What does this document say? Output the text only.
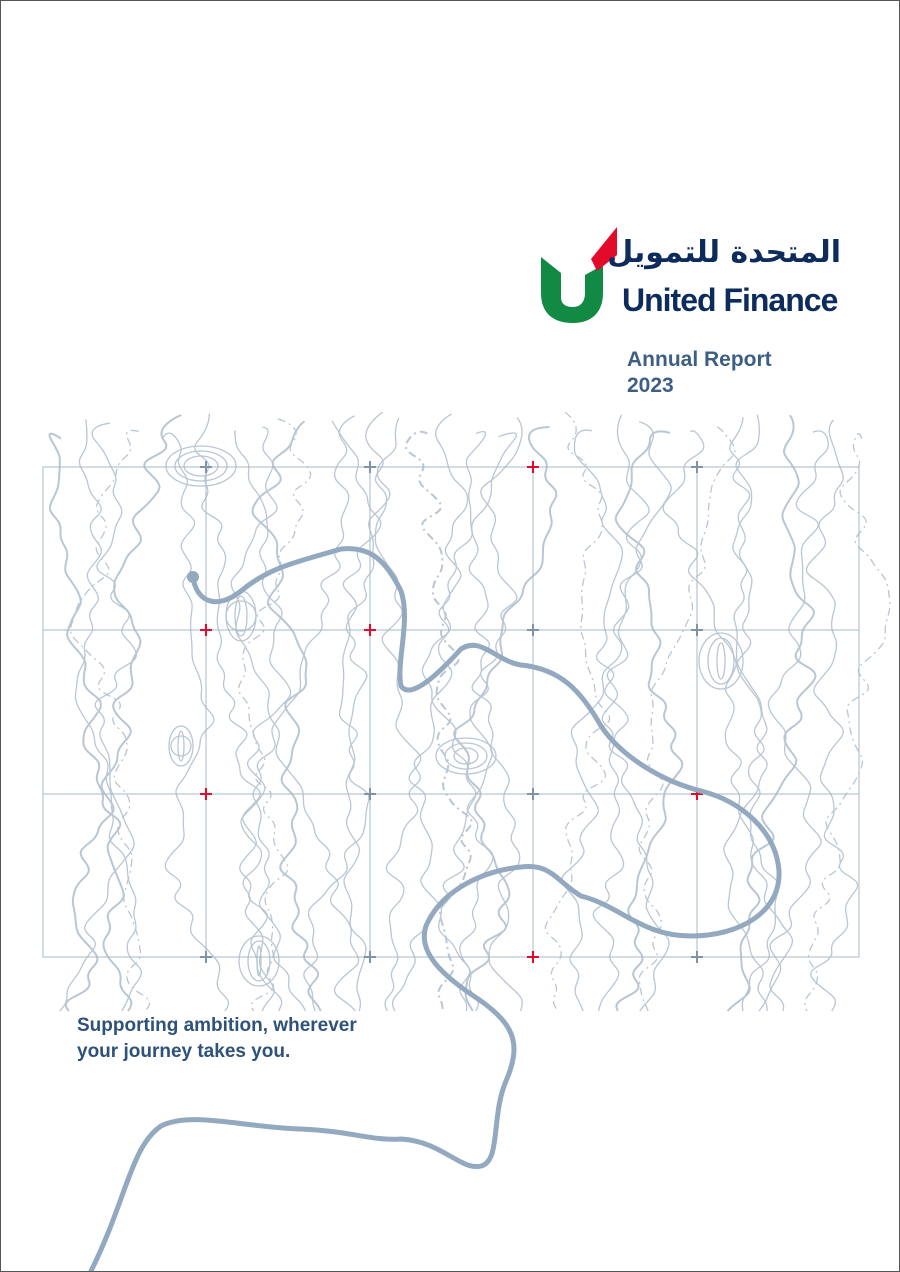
المتحدة للتمويل
United Finance
Annual Report
2023
Supporting ambition, wherever
your journey takes you.
